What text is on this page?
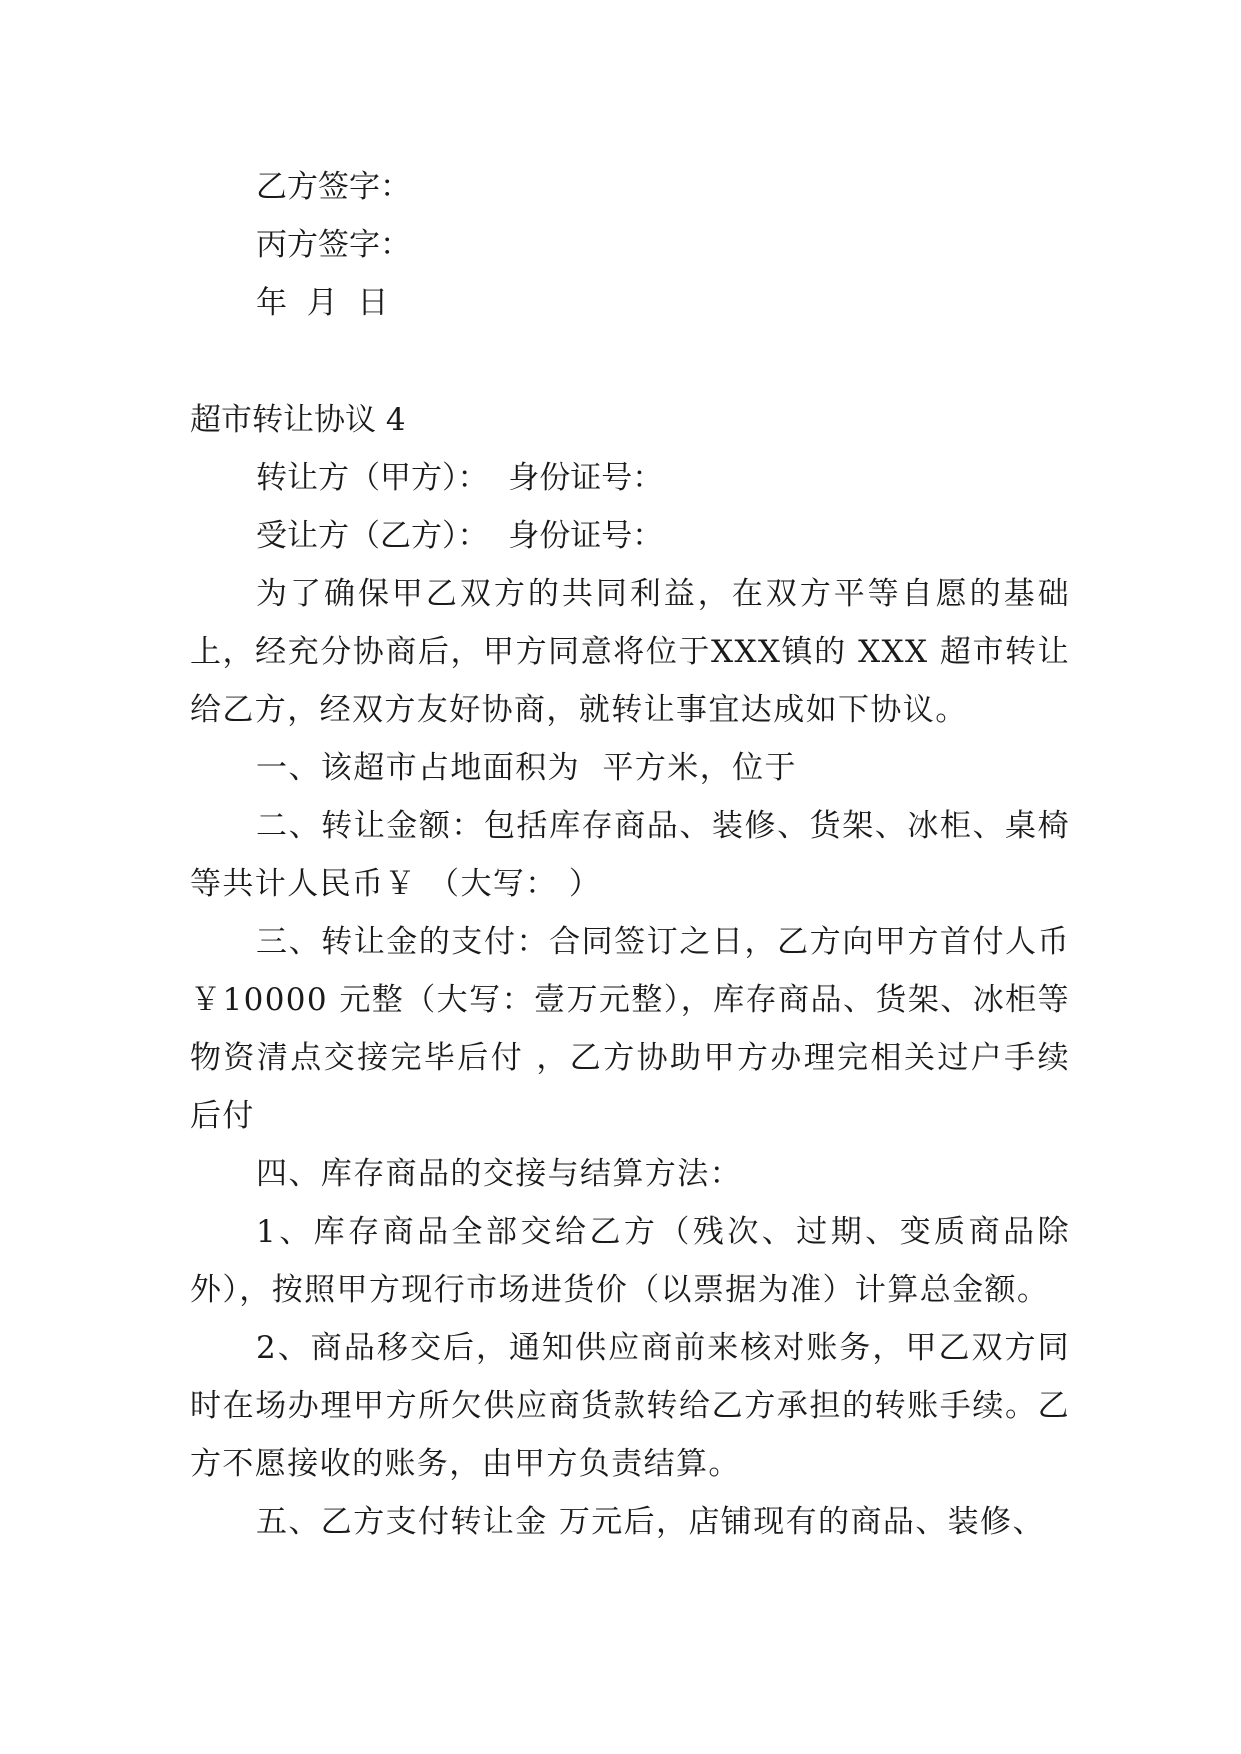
乙方签字：

丙方签字：

年  月  日

超市转让协议 4

转让方（甲方）：  身份证号：

受让方（乙方）：  身份证号：

为了确保甲乙双方的共同利益，在双方平等自愿的基础上，经充分协商后，甲方同意将位于XXX镇的 XXX 超市转让给乙方，经双方友好协商，就转让事宜达成如下协议。

一、该超市占地面积为  平方米，位于

二、转让金额：包括库存商品、装修、货架、冰柜、桌椅等共计人民币￥ （大写： ）

三、转让金的支付：合同签订之日，乙方向甲方首付人币￥10000 元整（大写：壹万元整），库存商品、货架、冰柜等物资清点交接完毕后付 ，乙方协助甲方办理完相关过户手续后付

四、库存商品的交接与结算方法：

1、库存商品全部交给乙方（残次、过期、变质商品除外），按照甲方现行市场进货价（以票据为准）计算总金额。

2、商品移交后，通知供应商前来核对账务，甲乙双方同时在场办理甲方所欠供应商货款转给乙方承担的转账手续。乙方不愿接收的账务，由甲方负责结算。

五、乙方支付转让金 万元后，店铺现有的商品、装修、
